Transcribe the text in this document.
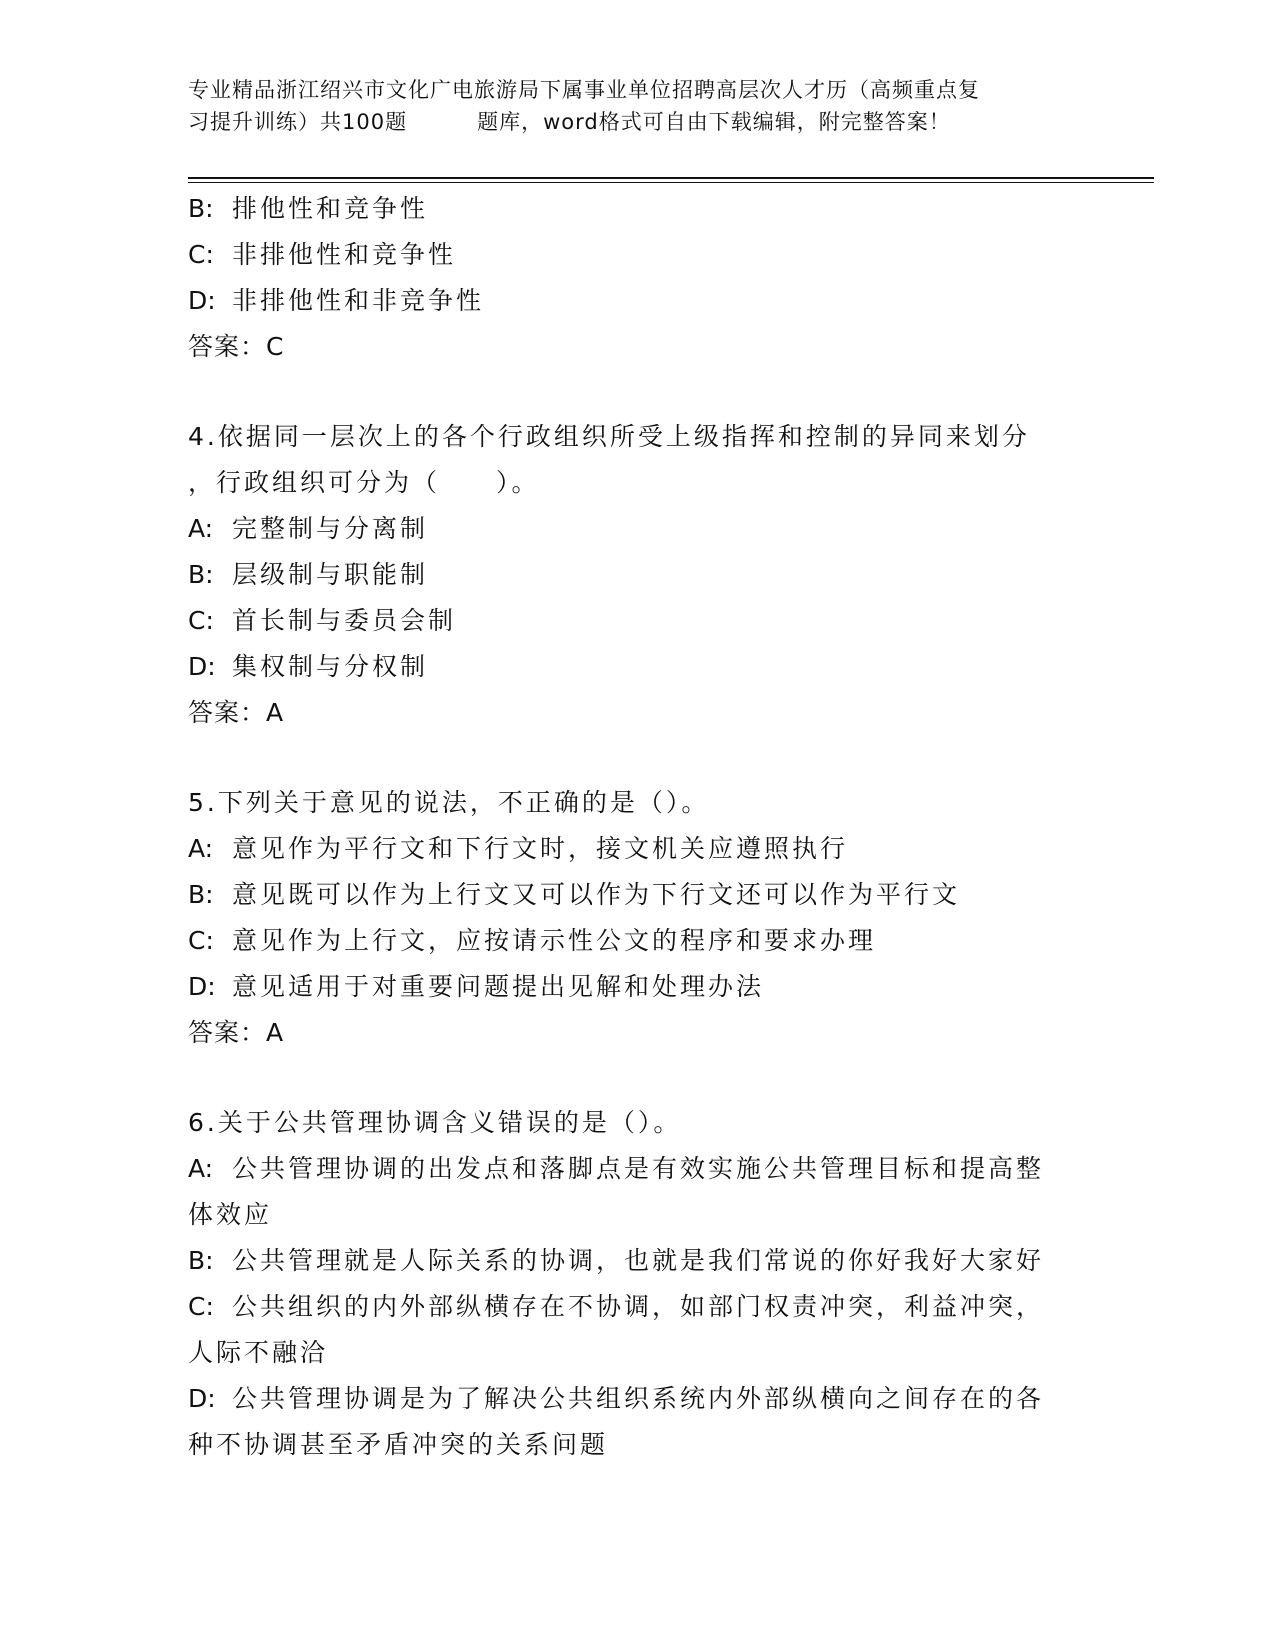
专业精品浙江绍兴市文化广电旅游局下属事业单位招聘高层次人才历（高频重点复
习提升训练）共100题	题库，word格式可自由下载编辑，附完整答案！
B: 排他性和竞争性
C: 非排他性和竞争性
D: 非排他性和非竞争性
答案：C
4.依据同一层次上的各个行政组织所受上级指挥和控制的异同来划分
，行政组织可分为（　　）。
A: 完整制与分离制
B: 层级制与职能制
C: 首长制与委员会制
D: 集权制与分权制
答案：A
5.下列关于意见的说法，不正确的是（）。
A: 意见作为平行文和下行文时，接文机关应遵照执行
B: 意见既可以作为上行文又可以作为下行文还可以作为平行文
C: 意见作为上行文，应按请示性公文的程序和要求办理
D: 意见适用于对重要问题提出见解和处理办法
答案：A
6.关于公共管理协调含义错误的是（）。
A: 公共管理协调的出发点和落脚点是有效实施公共管理目标和提高整
体效应
B: 公共管理就是人际关系的协调，也就是我们常说的你好我好大家好
C: 公共组织的内外部纵横存在不协调，如部门权责冲突，利益冲突，
人际不融洽
D: 公共管理协调是为了解决公共组织系统内外部纵横向之间存在的各
种不协调甚至矛盾冲突的关系问题
